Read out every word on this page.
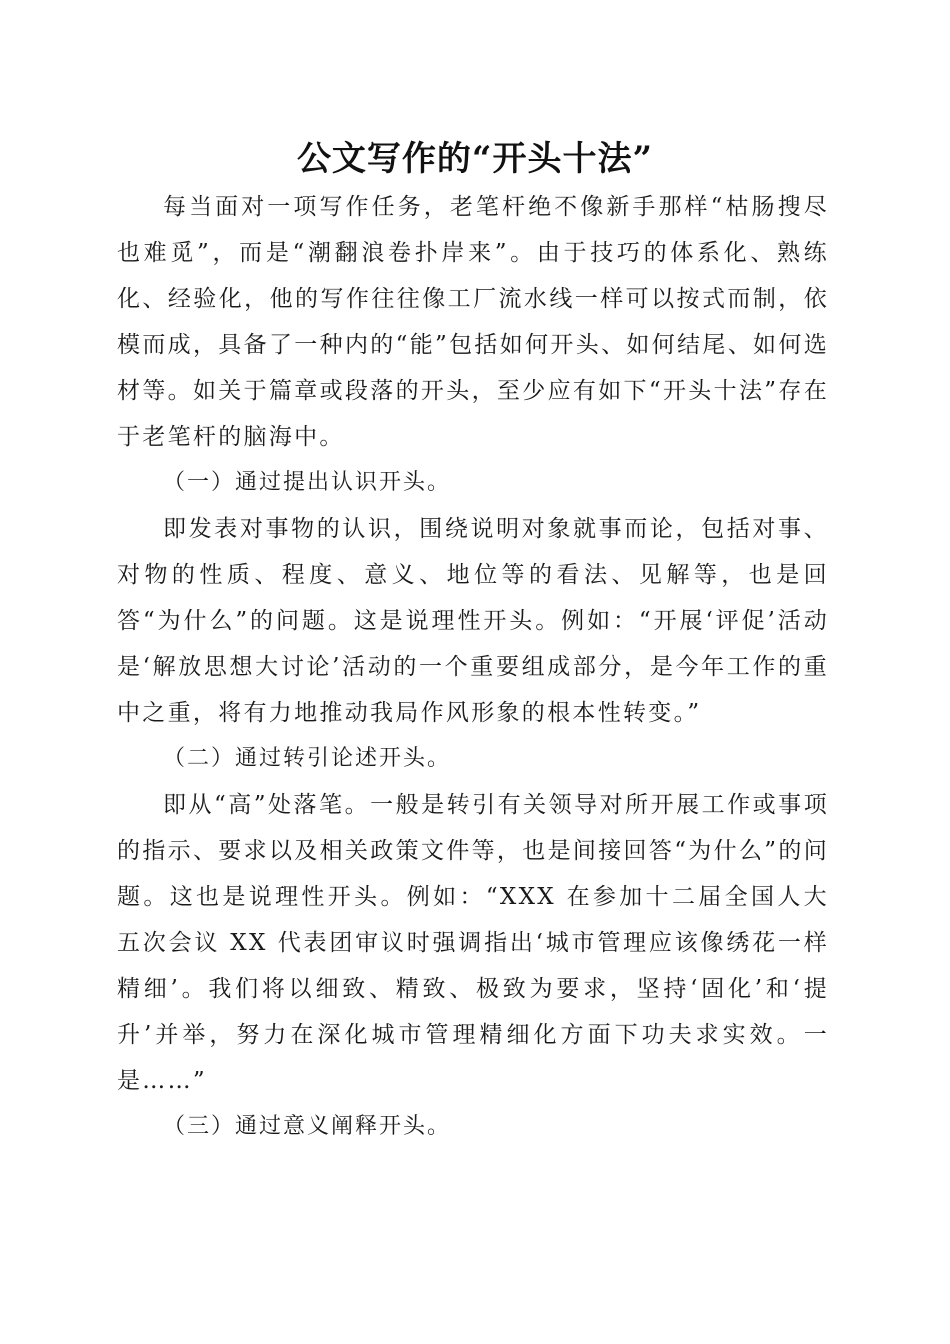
公文写作的“开头十法”

每当面对一项写作任务，老笔杆绝不像新手那样“枯肠搜尽也难觅”，而是“潮翻浪卷扑岸来”。由于技巧的体系化、熟练化、经验化，他的写作往往像工厂流水线一样可以按式而制，依模而成，具备了一种内的“能”包括如何开头、如何结尾、如何选材等。如关于篇章或段落的开头，至少应有如下“开头十法”存在于老笔杆的脑海中。

（一）通过提出认识开头。

即发表对事物的认识，围绕说明对象就事而论，包括对事、对物的性质、程度、意义、地位等的看法、见解等，也是回答“为什么”的问题。这是说理性开头。例如：“开展‘评促’活动是‘解放思想大讨论’活动的一个重要组成部分，是今年工作的重中之重，将有力地推动我局作风形象的根本性转变。”

（二）通过转引论述开头。

即从“高”处落笔。一般是转引有关领导对所开展工作或事项的指示、要求以及相关政策文件等，也是间接回答“为什么”的问题。这也是说理性开头。例如：“XXX 在参加十二届全国人大五次会议 XX 代表团审议时强调指出‘城市管理应该像绣花一样精细’。我们将以细致、精致、极致为要求，坚持‘固化’和‘提升’并举，努力在深化城市管理精细化方面下功夫求实效。一是……”

（三）通过意义阐释开头。
